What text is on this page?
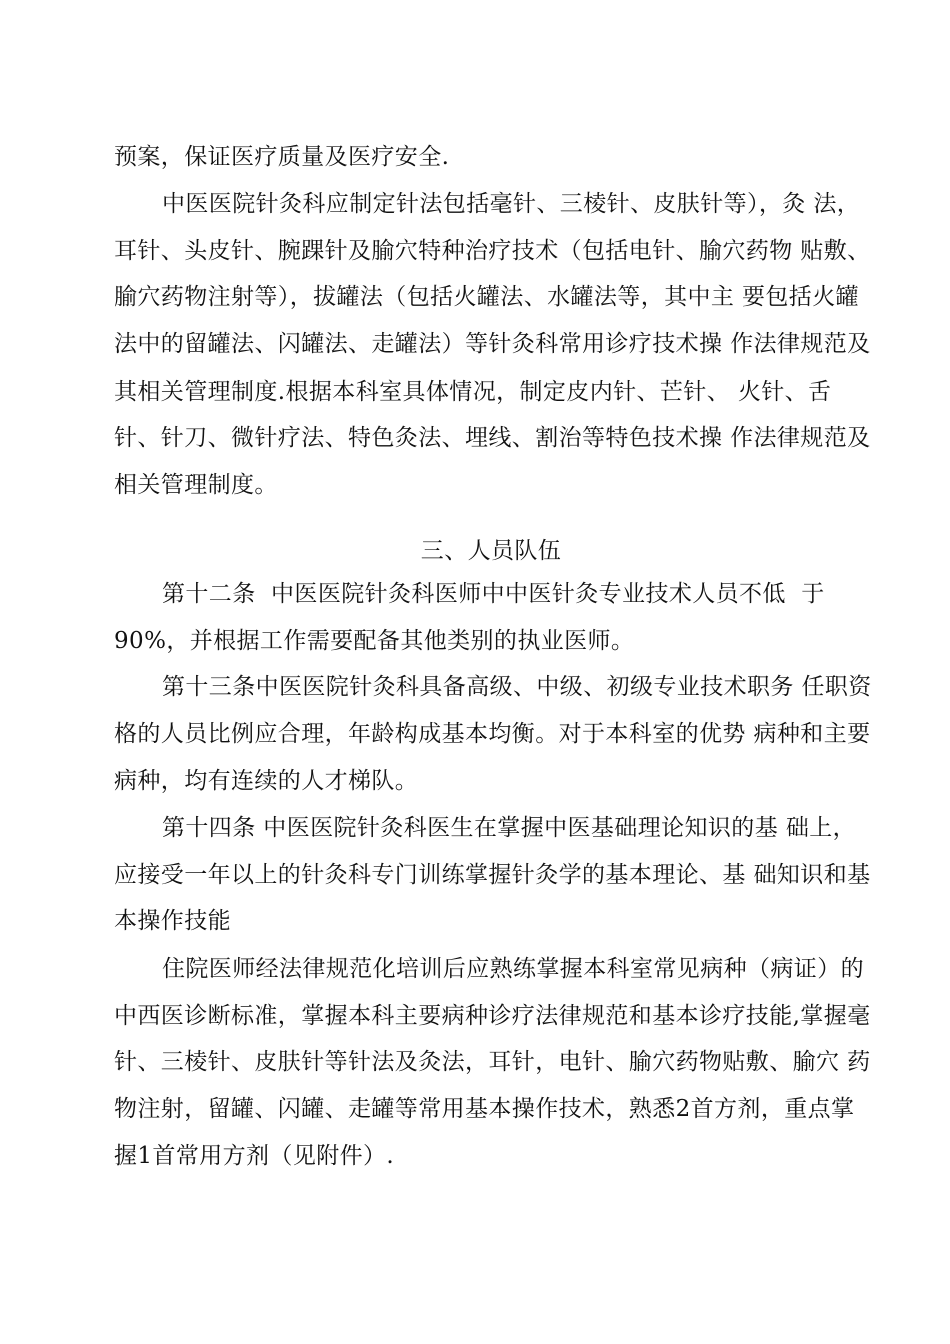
预案，保证医疗质量及医疗安全.
中医医院针灸科应制定针法包括毫针、三棱针、皮肤针等），灸 法，
耳针、头皮针、腕踝针及腧穴特种治疗技术（包括电针、腧穴药物 贴敷、
腧穴药物注射等），拔罐法（包括火罐法、水罐法等，其中主 要包括火罐
法中的留罐法、闪罐法、走罐法）等针灸科常用诊疗技术操 作法律规范及
其相关管理制度.根据本科室具体情况，制定皮内针、芒针、 火针、舌
针、针刀、微针疗法、特色灸法、埋线、割治等特色技术操 作法律规范及
相关管理制度。
三、人员队伍
第十二条  中医医院针灸科医师中中医针灸专业技术人员不低  于
90%，并根据工作需要配备其他类别的执业医师。
第十三条中医医院针灸科具备高级、中级、初级专业技术职务 任职资
格的人员比例应合理，年龄构成基本均衡。对于本科室的优势 病种和主要
病种，均有连续的人才梯队。
第十四条 中医医院针灸科医生在掌握中医基础理论知识的基 础上，
应接受一年以上的针灸科专门训练掌握针灸学的基本理论、基 础知识和基
本操作技能
住院医师经法律规范化培训后应熟练掌握本科室常见病种（病证）的
中西医诊断标准，掌握本科主要病种诊疗法律规范和基本诊疗技能,掌握毫
针、三棱针、皮肤针等针法及灸法，耳针，电针、腧穴药物贴敷、腧穴 药
物注射，留罐、闪罐、走罐等常用基本操作技术，熟悉2首方剂，重点掌
握1首常用方剂（见附件）.
